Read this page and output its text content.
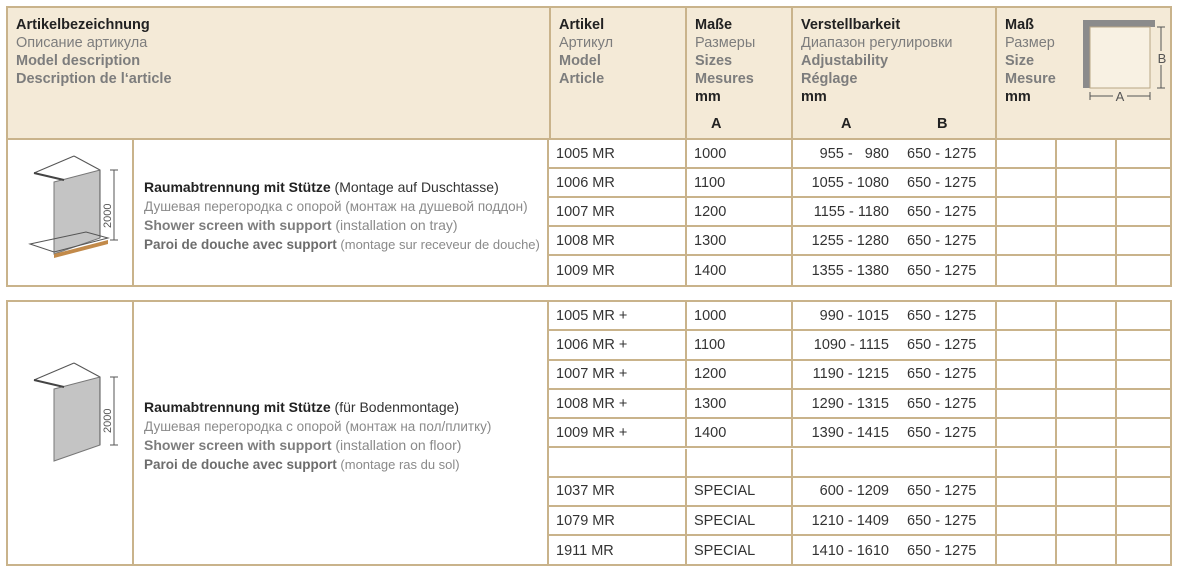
Artikelbezeichnung
Описание артикула
Model description
Description de l‘article
Artikel
Артикул
Model
Article
Maße
Размеры
Sizes
Mesures
mm
A
Verstellbarkeit
Диапазон регулировки
Adjustability
Réglage
mm
A	B
Maß
Размер
Size
Mesure
mm	A
B
2000
Raumabtrennung mit Stütze (Montage auf Duschtasse)
Душевая перегородка с опорой (монтаж на душевой поддон)
Shower screen with support (installation on tray)
Paroi de douche avec support (montage sur receveur de douche)
1005 MR	1000	955 -   980 650 - 1275
1006 MR	1100	1055 - 1080 650 - 1275
1007 MR	1200	1155 - 1180 650 - 1275
1008 MR	1300	1255 - 1280 650 - 1275
1009 MR	1400	1355 - 1380 650 - 1275
2000
Raumabtrennung mit Stütze (für Bodenmontage)
Душевая перегородка с опорой (монтаж на пол/плитку)
Shower screen with support (installation on floor)
Paroi de douche avec support (montage ras du sol)
1005 MR +	1000	990 - 1015 650 - 1275
1006 MR +	1100	1090 - 1115 650 - 1275
1007 MR +	1200	1190 - 1215 650 - 1275
1008 MR +	1300	1290 - 1315 650 - 1275
1009 MR +	1400	1390 - 1415 650 - 1275
1037 MR	SPECIAL	600 - 1209 650 - 1275
1079 MR	SPECIAL	1210 - 1409 650 - 1275
1911 MR	SPECIAL	1410 - 1610 650 - 1275
